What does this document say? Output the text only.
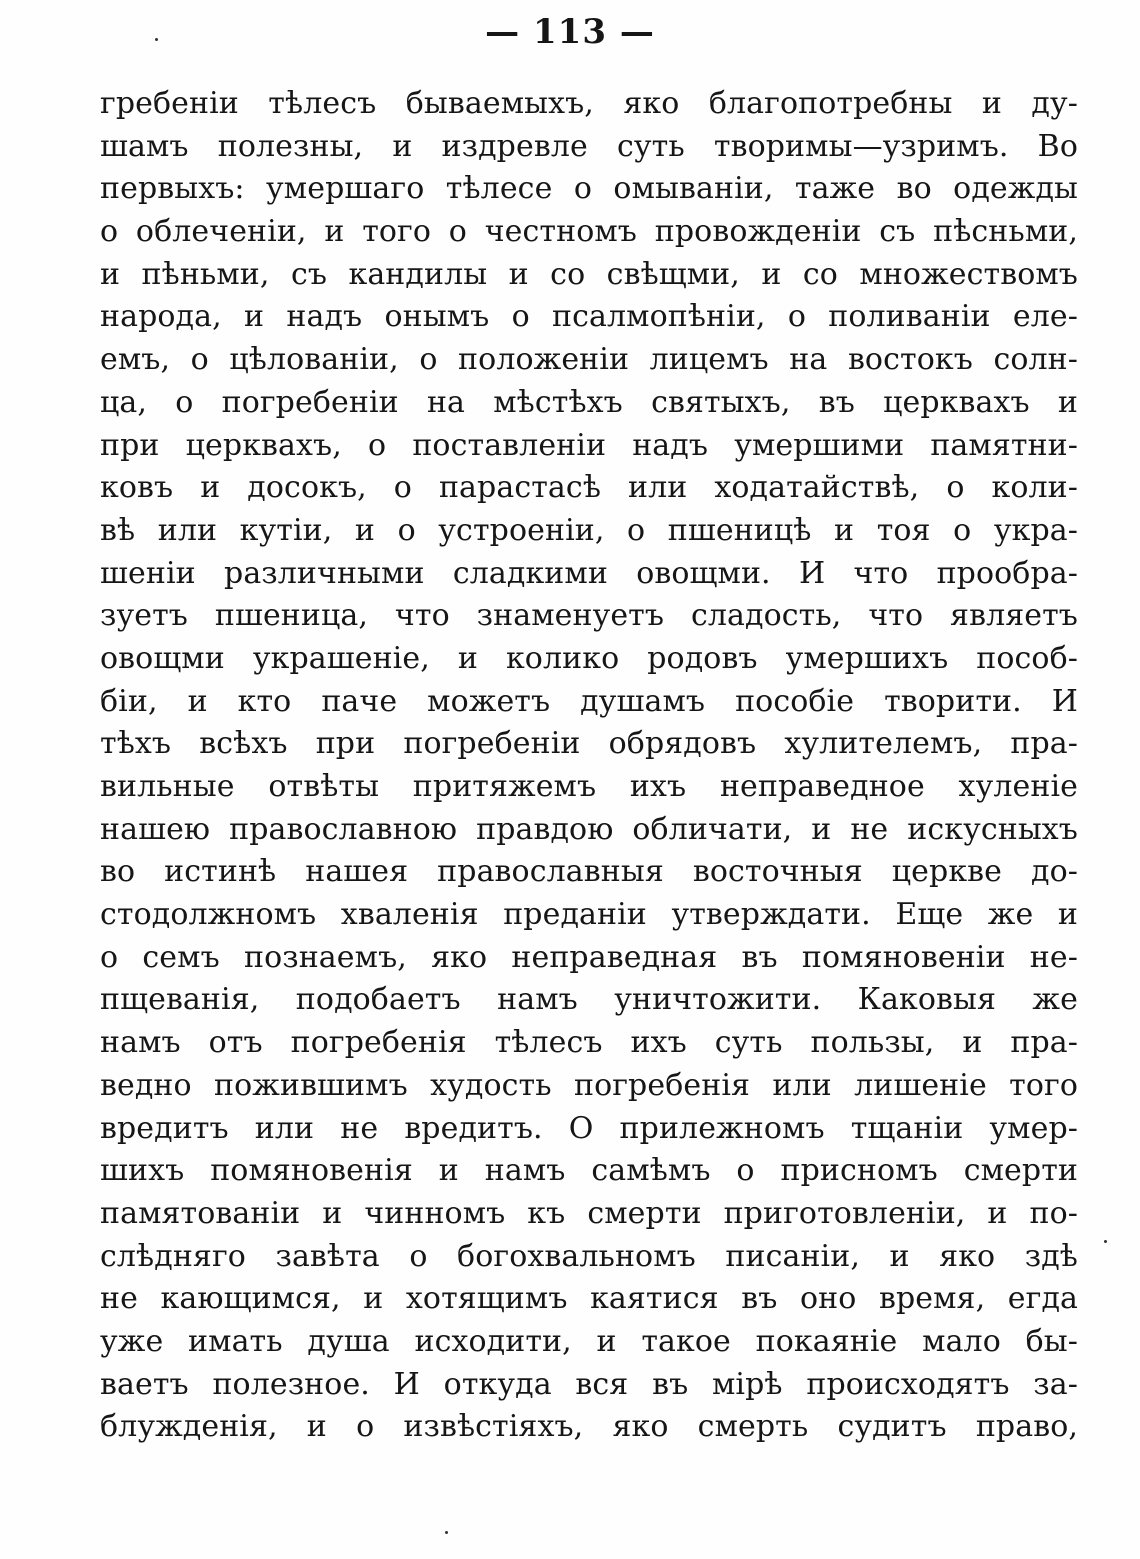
— 113 —
гребеніи тѣлесъ бываемыхъ, яко благопотребны и ду-
шамъ полезны, и издревле суть творимы—узримъ. Во
первыхъ: умершаго тѣлесе о омываніи, таже во одежды
о облеченіи, и того о честномъ провожденіи съ пѣсньми,
и пѣньми, съ кандилы и со свѣщми, и со множествомъ
народа, и надъ онымъ о псалмопѣніи, о поливаніи еле-
емъ, о цѣлованіи, о положеніи лицемъ на востокъ солн-
ца, о погребеніи на мѣстѣхъ святыхъ, въ церквахъ и
при церквахъ, о поставленіи надъ умершими памятни-
ковъ и досокъ, о парастасѣ или ходатайствѣ, о коли-
вѣ или кутіи, и о устроеніи, о пшеницѣ и тоя о укра-
шеніи различными сладкими овощми. И что прообра-
зуетъ пшеница, что знаменуетъ сладость, что являетъ
овощми украшеніе, и колико родовъ умершихъ пособ-
біи, и кто паче можетъ душамъ пособіе творити. И
тѣхъ всѣхъ при погребеніи обрядовъ хулителемъ, пра-
вильные отвѣты притяжемъ ихъ неправедное хуленіе
нашею православною правдою обличати, и не искусныхъ
во истинѣ нашея православныя восточныя церкве до-
стодолжномъ хваленія преданіи утверждати. Еще же и
о семъ познаемъ, яко неправедная въ помяновеніи не-
пщеванія, подобаетъ намъ уничтожити. Каковыя же
намъ отъ погребенія тѣлесъ ихъ суть пользы, и пра-
ведно пожившимъ худость погребенія или лишеніе того
вредитъ или не вредитъ. О прилежномъ тщаніи умер-
шихъ помяновенія и намъ самѣмъ о присномъ смерти
памятованіи и чинномъ къ смерти приготовленіи, и по-
слѣдняго завѣта о богохвальномъ писаніи, и яко здѣ
не кающимся, и хотящимъ каятися въ оно время, егда
уже имать душа исходити, и такое покаяніе мало бы-
ваетъ полезное. И откуда вся въ мірѣ происходятъ за-
блужденія, и о извѣстіяхъ, яко смерть судитъ право,
